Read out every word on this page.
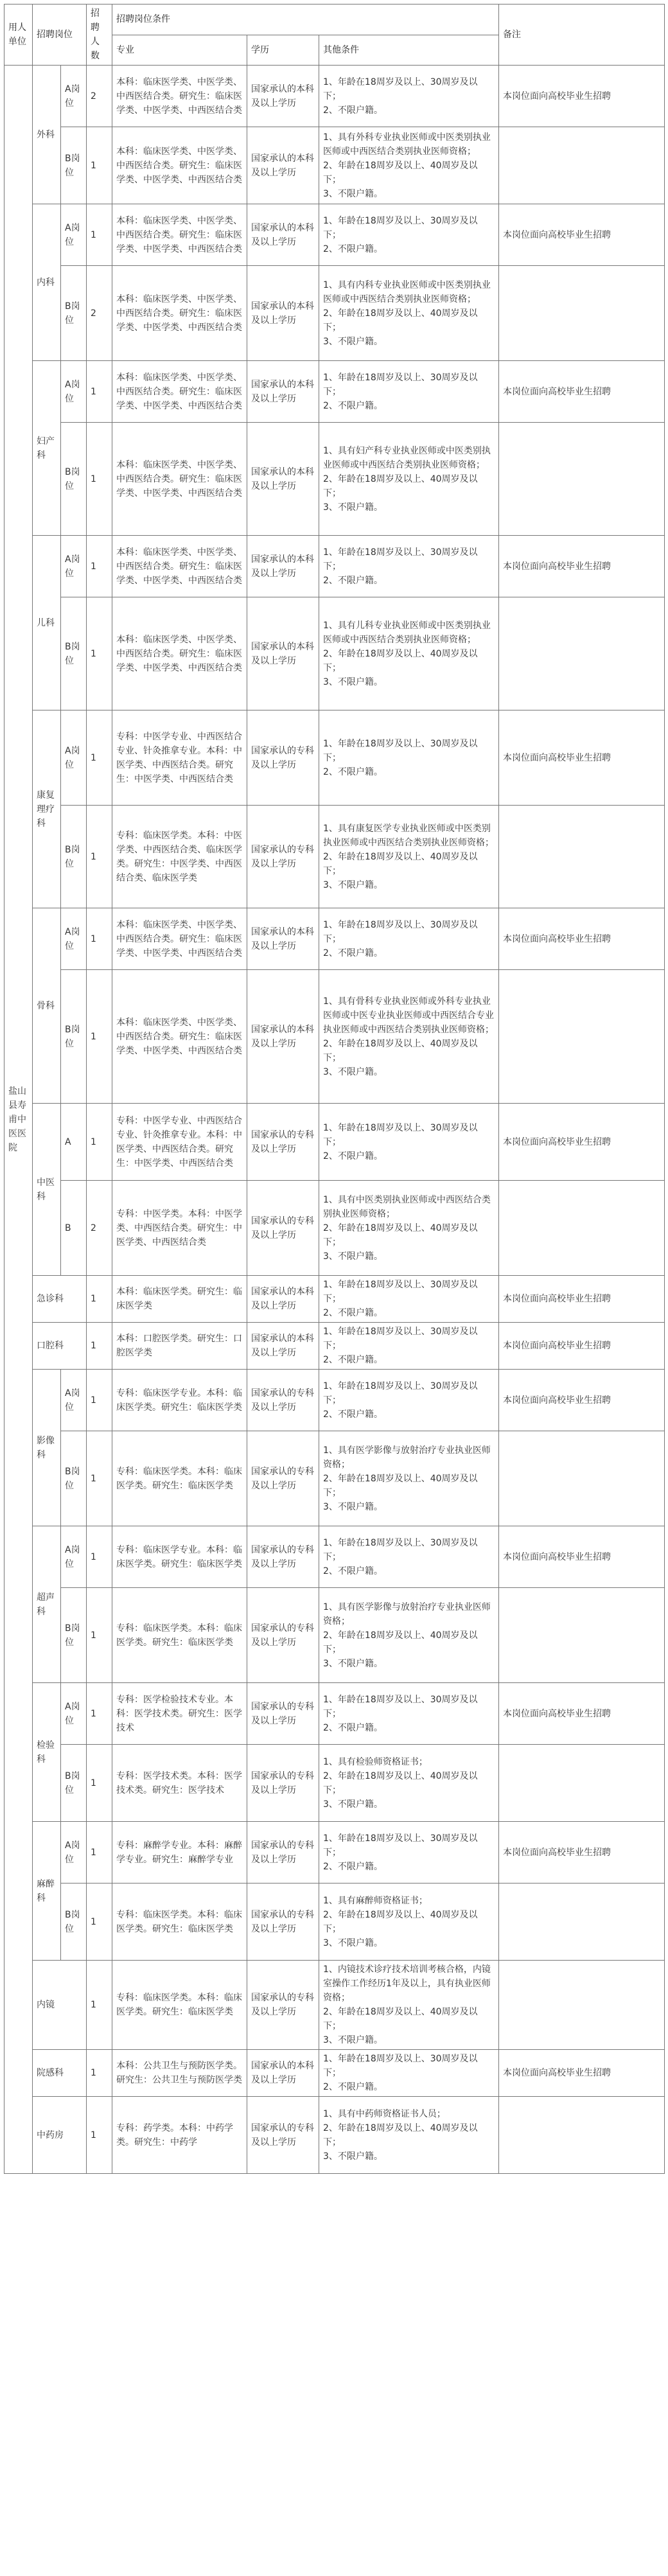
用人单位	招聘岗位		招聘人数	招聘岗位条件			备注
				专业	学历	其他条件	
盐山县寿甫中医医院	外科	A岗位	2	本科：临床医学类、中医学类、中西医结合类。研究生：临床医学类、中医学类、中西医结合类	国家承认的本科及以上学历	1、年龄在18周岁及以上、30周岁及以下；
2、不限户籍。	本岗位面向高校毕业生招聘
		B岗位	1	本科：临床医学类、中医学类、中西医结合类。研究生：临床医学类、中医学类、中西医结合类	国家承认的本科及以上学历	1、具有外科专业执业医师或中医类别执业医师或中西医结合类别执业医师资格；
2、年龄在18周岁及以上、40周岁及以下；
3、不限户籍。	
	内科	A岗位	1	本科：临床医学类、中医学类、中西医结合类。研究生：临床医学类、中医学类、中西医结合类	国家承认的本科及以上学历	1、年龄在18周岁及以上、30周岁及以下；
2、不限户籍。	本岗位面向高校毕业生招聘
		B岗位	2	本科：临床医学类、中医学类、中西医结合类。研究生：临床医学类、中医学类、中西医结合类	国家承认的本科及以上学历	1、具有内科专业执业医师或中医类别执业医师或中西医结合类别执业医师资格；
2、年龄在18周岁及以上、40周岁及以下；
3、不限户籍。	
	妇产科	A岗位	1	本科：临床医学类、中医学类、中西医结合类。研究生：临床医学类、中医学类、中西医结合类	国家承认的本科及以上学历	1、年龄在18周岁及以上、30周岁及以下；
2、不限户籍。	本岗位面向高校毕业生招聘
		B岗位	1	本科：临床医学类、中医学类、中西医结合类。研究生：临床医学类、中医学类、中西医结合类	国家承认的本科及以上学历	1、具有妇产科专业执业医师或中医类别执业医师或中西医结合类别执业医师资格；
2、年龄在18周岁及以上、40周岁及以下；
3、不限户籍。	
	儿科	A岗位	1	本科：临床医学类、中医学类、中西医结合类。研究生：临床医学类、中医学类、中西医结合类	国家承认的本科及以上学历	1、年龄在18周岁及以上、30周岁及以下；
2、不限户籍。	本岗位面向高校毕业生招聘
		B岗位	1	本科：临床医学类、中医学类、中西医结合类。研究生：临床医学类、中医学类、中西医结合类	国家承认的本科及以上学历	1、具有儿科专业执业医师或中医类别执业医师或中西医结合类别执业医师资格；
2、年龄在18周岁及以上、40周岁及以下；
3、不限户籍。	
	康复理疗科	A岗位	1	专科：中医学专业、中西医结合专业、针灸推拿专业。本科：中医学类、中西医结合类。研究生：中医学类、中西医结合类	国家承认的专科及以上学历	1、年龄在18周岁及以上、30周岁及以下；
2、不限户籍。	本岗位面向高校毕业生招聘
		B岗位	1	专科：临床医学类。本科：中医学类、中西医结合类、临床医学类。研究生：中医学类、中西医结合类、临床医学类	国家承认的专科及以上学历	1、具有康复医学专业执业医师或中医类别执业医师或中西医结合类别执业医师资格；
2、年龄在18周岁及以上、40周岁及以下；
3、不限户籍。	
	骨科	A岗位	1	本科：临床医学类、中医学类、中西医结合类。研究生：临床医学类、中医学类、中西医结合类	国家承认的本科及以上学历	1、年龄在18周岁及以上、30周岁及以下；
2、不限户籍。	本岗位面向高校毕业生招聘
		B岗位	1	本科：临床医学类、中医学类、中西医结合类。研究生：临床医学类、中医学类、中西医结合类	国家承认的本科及以上学历	1、具有骨科专业执业医师或外科专业执业医师或中医专业执业医师或中西医结合专业执业医师或中西医结合类别执业医师资格；
2、年龄在18周岁及以上、40周岁及以下；
3、不限户籍。	
	中医科	A	1	专科：中医学专业、中西医结合专业、针灸推拿专业。本科：中医学类、中西医结合类。研究生：中医学类、中西医结合类	国家承认的专科及以上学历	1、年龄在18周岁及以上、30周岁及以下；
2、不限户籍。	本岗位面向高校毕业生招聘
		B	2	专科：中医学类。本科：中医学类、中西医结合类。研究生：中医学类、中西医结合类	国家承认的专科及以上学历	1、具有中医类别执业医师或中西医结合类别执业医师资格；
2、年龄在18周岁及以上、40周岁及以下；
3、不限户籍。	
	急诊科		1	本科：临床医学类。研究生：临床医学类	国家承认的本科及以上学历	1、年龄在18周岁及以上、30周岁及以下；
2、不限户籍。	本岗位面向高校毕业生招聘
	口腔科		1	本科：口腔医学类。研究生：口腔医学类	国家承认的本科及以上学历	1、年龄在18周岁及以上、30周岁及以下；
2、不限户籍。	本岗位面向高校毕业生招聘
	影像科	A岗位	1	专科：临床医学专业。本科：临床医学类。研究生：临床医学类	国家承认的专科及以上学历	1、年龄在18周岁及以上、30周岁及以下；
2、不限户籍。	本岗位面向高校毕业生招聘
		B岗位	1	专科：临床医学类。本科：临床医学类。研究生：临床医学类	国家承认的专科及以上学历	1、具有医学影像与放射治疗专业执业医师资格；
2、年龄在18周岁及以上、40周岁及以下；
3、不限户籍。	
	超声科	A岗位	1	专科：临床医学专业。本科：临床医学类。研究生：临床医学类	国家承认的专科及以上学历	1、年龄在18周岁及以上、30周岁及以下；
2、不限户籍。	本岗位面向高校毕业生招聘
		B岗位	1	专科：临床医学类。本科：临床医学类。研究生：临床医学类	国家承认的专科及以上学历	1、具有医学影像与放射治疗专业执业医师资格；
2、年龄在18周岁及以上、40周岁及以下；
3、不限户籍。	
	检验科	A岗位	1	专科：医学检验技术专业。本科：医学技术类。研究生：医学技术	国家承认的专科及以上学历	1、年龄在18周岁及以上、30周岁及以下；
2、不限户籍。	本岗位面向高校毕业生招聘
		B岗位	1	专科：医学技术类。本科：医学技术类。研究生：医学技术	国家承认的专科及以上学历	1、具有检验师资格证书；
2、年龄在18周岁及以上、40周岁及以下；
3、不限户籍。	
	麻醉科	A岗位	1	专科：麻醉学专业。本科：麻醉学专业。研究生：麻醉学专业	国家承认的专科及以上学历	1、年龄在18周岁及以上、30周岁及以下；
2、不限户籍。	本岗位面向高校毕业生招聘
		B岗位	1	专科：临床医学类。本科：临床医学类。研究生：临床医学类	国家承认的专科及以上学历	1、具有麻醉师资格证书；
2、年龄在18周岁及以上、40周岁及以下；
3、不限户籍。	
	内镜		1	专科：临床医学类。本科：临床医学类。研究生：临床医学类	国家承认的专科及以上学历	1、内镜技术诊疗技术培训考核合格，内镜室操作工作经历1年及以上，具有执业医师资格；
2、年龄在18周岁及以上、40周岁及以下；
3、不限户籍。	
	院感科		1	本科：公共卫生与预防医学类。研究生：公共卫生与预防医学类	国家承认的本科及以上学历	1、年龄在18周岁及以上、30周岁及以下；
2、不限户籍。	本岗位面向高校毕业生招聘
	中药房		1	专科：药学类。本科：中药学类。研究生：中药学	国家承认的专科及以上学历	1、具有中药师资格证书人员；
2、年龄在18周岁及以上、40周岁及以下；
3、不限户籍。	
